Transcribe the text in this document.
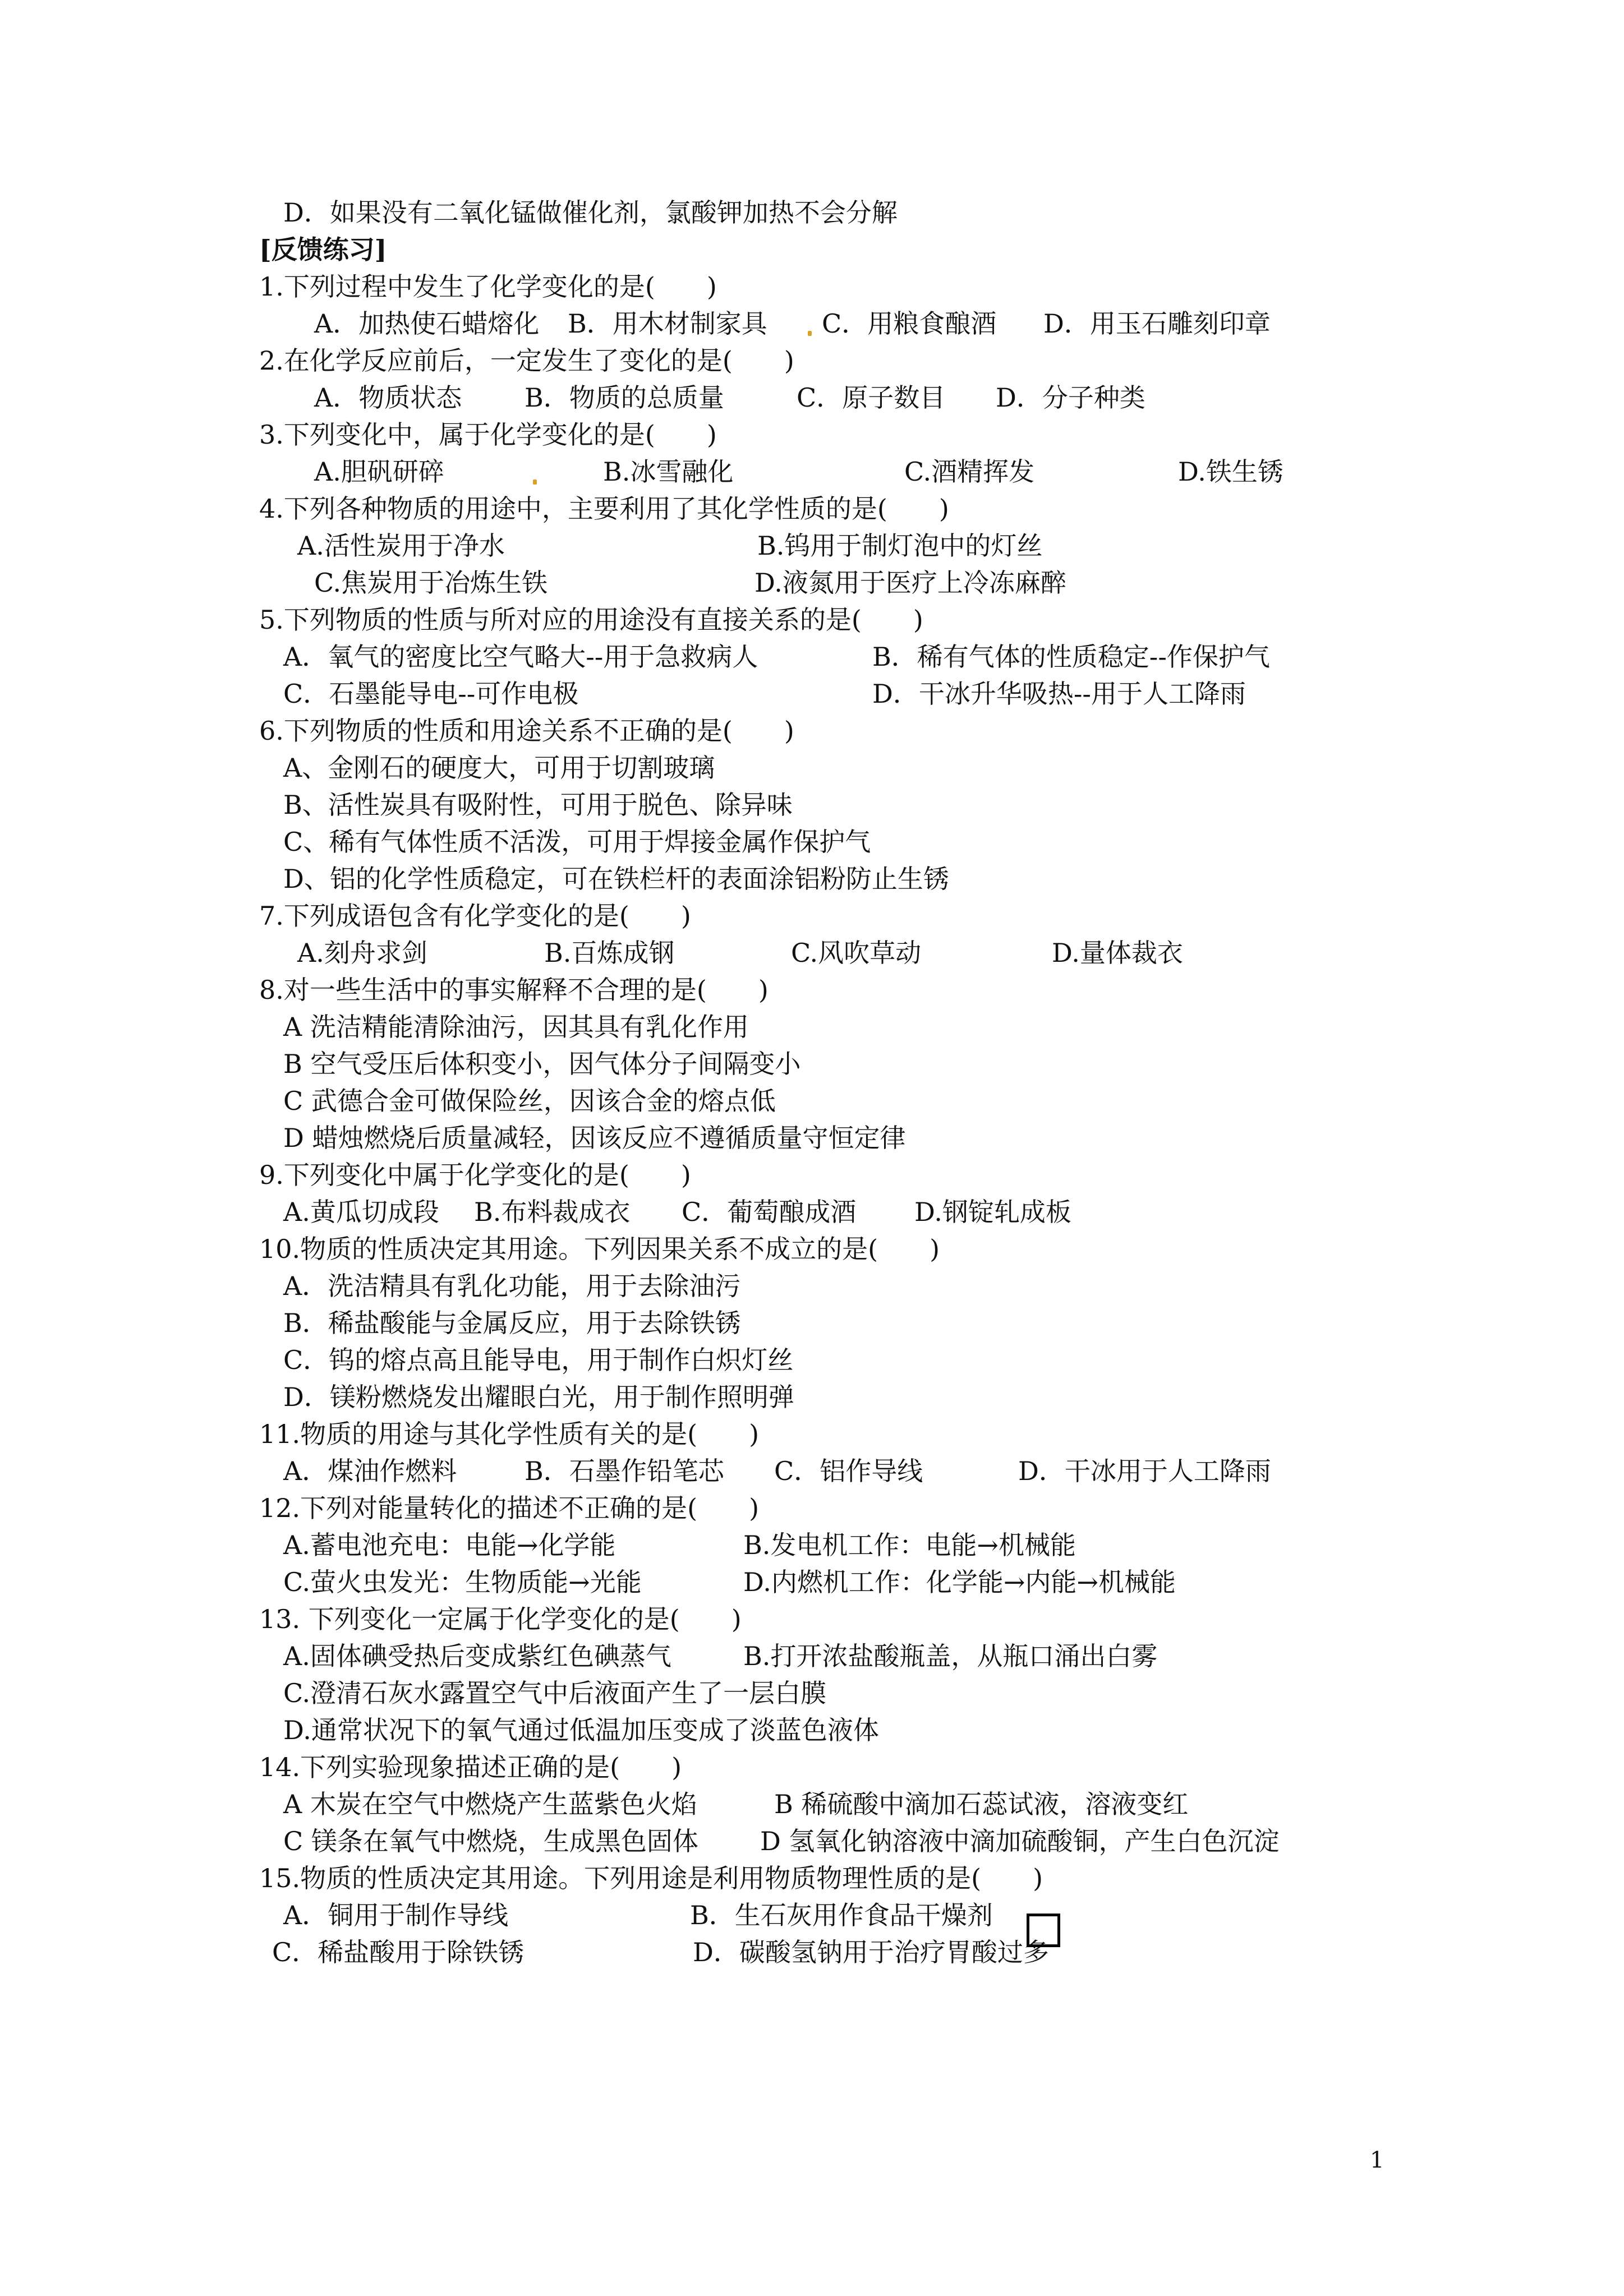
D．如果没有二氧化锰做催化剂，氯酸钾加热不会分解
[反馈练习]
1.下列过程中发生了化学变化的是(　　)
A．加热使石蜡熔化 B．用木材制家具 C．用粮食酿酒 D．用玉石雕刻印章
2.在化学反应前后，一定发生了变化的是(　　)
A．物质状态 B．物质的总质量	C．原子数目 D．分子种类
3.下列变化中，属于化学变化的是(　　)
A.胆矾研碎	B.冰雪融化	C.酒精挥发	D.铁生锈
4.下列各种物质的用途中，主要利用了其化学性质的是(　　)
A.活性炭用于净水	B.钨用于制灯泡中的灯丝
C.焦炭用于冶炼生铁	D.液氮用于医疗上冷冻麻醉
5.下列物质的性质与所对应的用途没有直接关系的是(　　)
A．氧气的密度比空气略大--用于急救病人	B．稀有气体的性质稳定--作保护气
C．石墨能导电--可作电极	D．干冰升华吸热--用于人工降雨
6.下列物质的性质和用途关系不正确的是(　　)
A、金刚石的硬度大，可用于切割玻璃
B、活性炭具有吸附性，可用于脱色、除异味
C、稀有气体性质不活泼，可用于焊接金属作保护气
D、铝的化学性质稳定，可在铁栏杆的表面涂铝粉防止生锈
7.下列成语包含有化学变化的是(　　)
A.刻舟求剑	B.百炼成钢	C.风吹草动	D.量体裁衣
8.对一些生活中的事实解释不合理的是(　　)
A 洗洁精能清除油污，因其具有乳化作用
B 空气受压后体积变小，因气体分子间隔变小
C 武德合金可做保险丝，因该合金的熔点低
D 蜡烛燃烧后质量减轻，因该反应不遵循质量守恒定律
9.下列变化中属于化学变化的是(　　)
A.黄瓜切成段 B.布料裁成衣 C．葡萄酿成酒 D.钢锭轧成板
10.物质的性质决定其用途。下列因果关系不成立的是(　　)
A．洗洁精具有乳化功能，用于去除油污
B．稀盐酸能与金属反应，用于去除铁锈
C．钨的熔点高且能导电，用于制作白炽灯丝
D．镁粉燃烧发出耀眼白光，用于制作照明弹
11.物质的用途与其化学性质有关的是(　　)
A．煤油作燃料	B．石墨作铅笔芯 C．铝作导线	D．干冰用于人工降雨
12.下列对能量转化的描述不正确的是(　　)
A.蓄电池充电：电能→化学能	B.发电机工作：电能→机械能
C.萤火虫发光：生物质能→光能	D.内燃机工作：化学能→内能→机械能
13. 下列变化一定属于化学变化的是(　　)
A.固体碘受热后变成紫红色碘蒸气	B.打开浓盐酸瓶盖，从瓶口涌出白雾
C.澄清石灰水露置空气中后液面产生了一层白膜
D.通常状况下的氧气通过低温加压变成了淡蓝色液体
14.下列实验现象描述正确的是(　　)
A 木炭在空气中燃烧产生蓝紫色火焰	B 稀硫酸中滴加石蕊试液，溶液变红
C 镁条在氧气中燃烧，生成黑色固体 D 氢氧化钠溶液中滴加硫酸铜，产生白色沉淀
15.物质的性质决定其用途。下列用途是利用物质物理性质的是(　　)
A．铜用于制作导线	B．生石灰用作食品干燥剂
C．稀盐酸用于除铁锈	D．碳酸氢钠用于治疗胃酸过多
1
